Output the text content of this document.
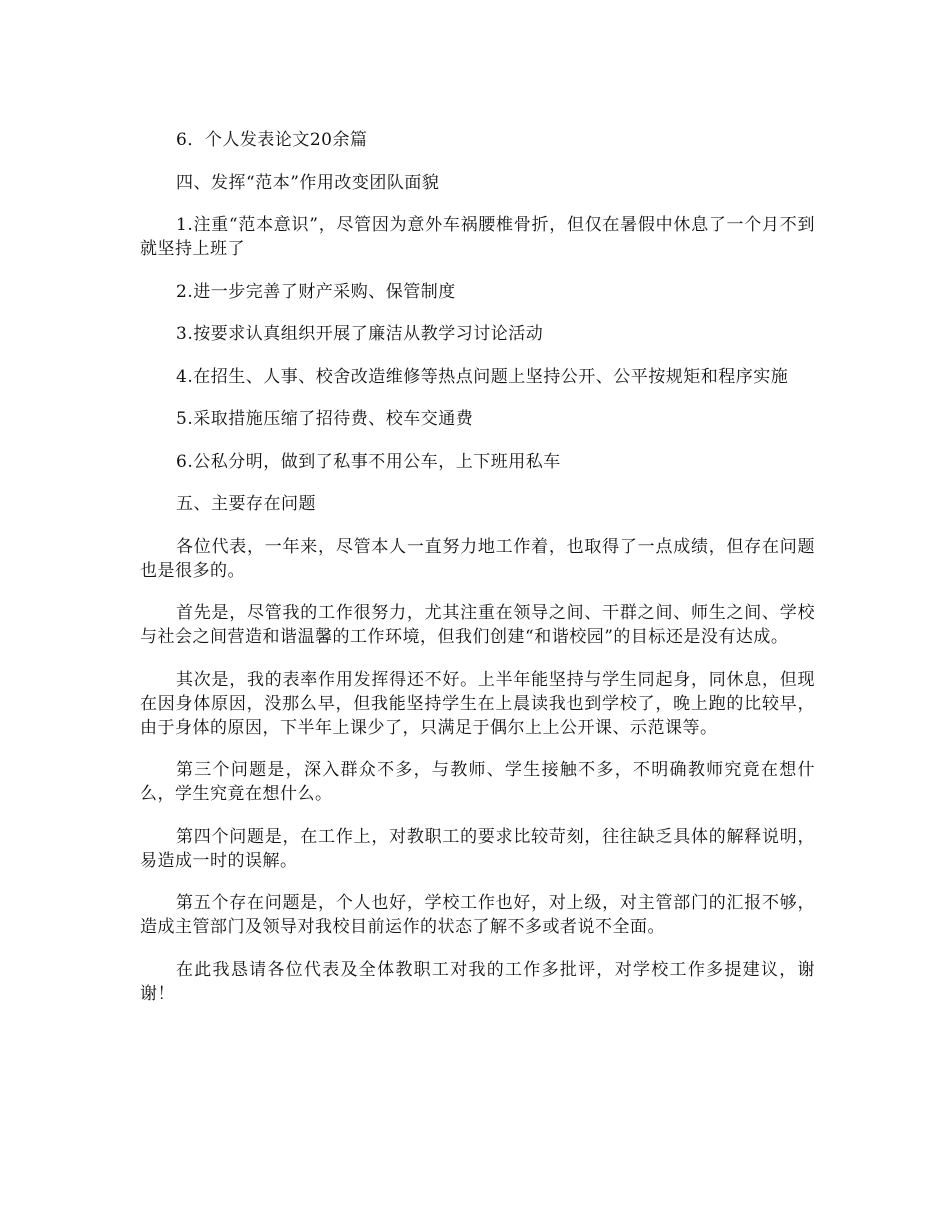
6．个人发表论文20余篇

四、发挥“范本”作用改变团队面貌

1.注重“范本意识”，尽管因为意外车祸腰椎骨折，但仅在暑假中休息了一个月不到就坚持上班了

2.进一步完善了财产采购、保管制度

3.按要求认真组织开展了廉洁从教学习讨论活动

4.在招生、人事、校舍改造维修等热点问题上坚持公开、公平按规矩和程序实施

5.采取措施压缩了招待费、校车交通费

6.公私分明，做到了私事不用公车，上下班用私车

五、主要存在问题

各位代表，一年来，尽管本人一直努力地工作着，也取得了一点成绩，但存在问题也是很多的。

首先是，尽管我的工作很努力，尤其注重在领导之间、干群之间、师生之间、学校与社会之间营造和谐温馨的工作环境，但我们创建“和谐校园”的目标还是没有达成。

其次是，我的表率作用发挥得还不好。上半年能坚持与学生同起身，同休息，但现在因身体原因，没那么早，但我能坚持学生在上晨读我也到学校了，晚上跑的比较早，由于身体的原因，下半年上课少了，只满足于偶尔上上公开课、示范课等。

第三个问题是，深入群众不多，与教师、学生接触不多，不明确教师究竟在想什么，学生究竟在想什么。

第四个问题是，在工作上，对教职工的要求比较苛刻，往往缺乏具体的解释说明，易造成一时的误解。

第五个存在问题是，个人也好，学校工作也好，对上级，对主管部门的汇报不够，造成主管部门及领导对我校目前运作的状态了解不多或者说不全面。

在此我恳请各位代表及全体教职工对我的工作多批评，对学校工作多提建议，谢谢！
